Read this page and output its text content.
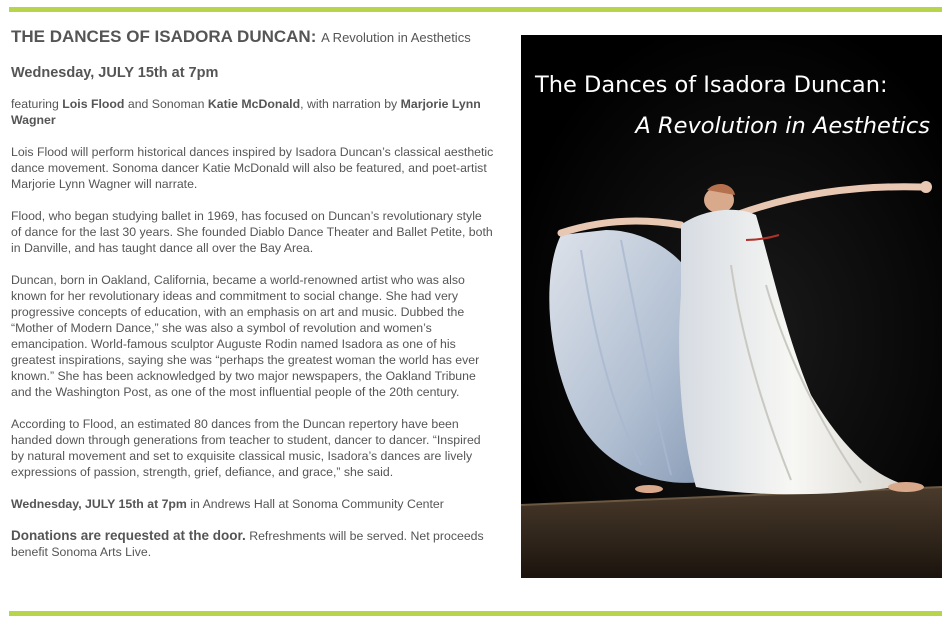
THE DANCES OF ISADORA DUNCAN: A Revolution in Aesthetics
Wednesday, JULY 15th at 7pm

featuring Lois Flood and Sonoman Katie McDonald, with narration by Marjorie Lynn Wagner

Lois Flood will perform historical dances inspired by Isadora Duncan’s classical aesthetic dance movement. Sonoma dancer Katie McDonald will also be featured, and poet-artist Marjorie Lynn Wagner will narrate.

Flood, who began studying ballet in 1969, has focused on Duncan’s revolutionary style of dance for the last 30 years. She founded Diablo Dance Theater and Ballet Petite, both in Danville, and has taught dance all over the Bay Area.

Duncan, born in Oakland, California, became a world-renowned artist who was also known for her revolutionary ideas and commitment to social change. She had very progressive concepts of education, with an emphasis on art and music. Dubbed the “Mother of Modern Dance,” she was also a symbol of revolution and women’s emancipation. World-famous sculptor Auguste Rodin named Isadora as one of his greatest inspirations, saying she was “perhaps the greatest woman the world has ever known.” She has been acknowledged by two major newspapers, the Oakland Tribune and the Washington Post, as one of the most influential people of the 20th century.

According to Flood, an estimated 80 dances from the Duncan repertory have been handed down through generations from teacher to student, dancer to dancer. “Inspired by natural movement and set to exquisite classical music, Isadora’s dances are lively expressions of passion, strength, grief, defiance, and grace,” she said.

Wednesday, JULY 15th at 7pm in Andrews Hall at Sonoma Community Center

Donations are requested at the door. Refreshments will be served. Net proceeds benefit Sonoma Arts Live.

The Dances of Isadora Duncan:
A Revolution in Aesthetics
